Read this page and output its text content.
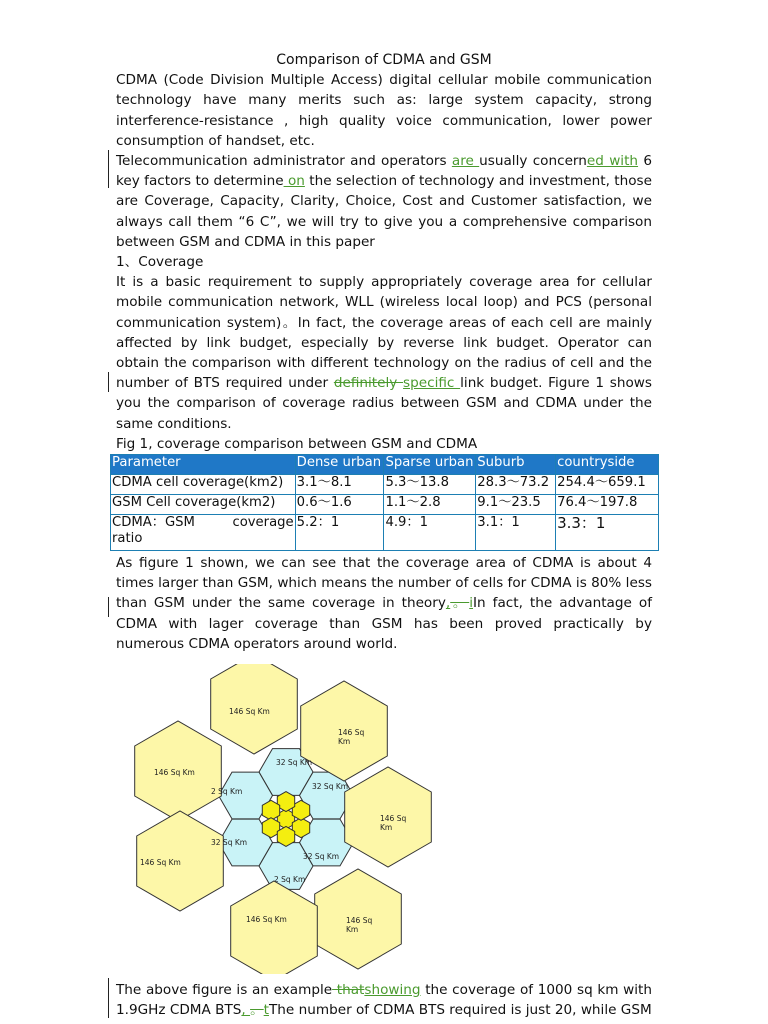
Comparison of CDMA and GSM

CDMA (Code Division Multiple Access) digital cellular mobile communication technology have many merits such as: large system capacity, strong interference-resistance , high quality voice communication, lower power consumption of handset, etc.

Telecommunication administrator and operators are usually concerned with 6 key factors to determine on the selection of technology and investment, those are Coverage, Capacity, Clarity, Choice, Cost and Customer satisfaction, we always call them “6 C”, we will try to give you a comprehensive comparison between GSM and CDMA in this paper

1、Coverage

It is a basic requirement to supply appropriately coverage area for cellular mobile communication network, WLL (wireless local loop) and PCS (personal communication system)。In fact, the coverage areas of each cell are mainly affected by link budget, especially by reverse link budget. Operator can obtain the comparison with different technology on the radius of cell and the number of BTS required under definitely specific link budget. Figure 1 shows you the comparison of coverage radius between GSM and CDMA under the same conditions.

Fig 1, coverage comparison between GSM and CDMA

Parameter	Dense urban	Sparse urban	Suburb	countryside
CDMA cell coverage(km2)	3.1～8.1	5.3～13.8	28.3～73.2	254.4～659.1
GSM Cell coverage(km2)	0.6～1.6	1.1～2.8	9.1～23.5	76.4～197.8

CDMA：GSM coverage
ratio	5.2：1	4.9：1	3.1：1	3.3：1

As figure 1 shown, we can see that the coverage area of CDMA is about 4 times larger than GSM, which means the number of cells for CDMA is 80% less than GSM under the same coverage in theory,。iIn fact, the advantage of CDMA with lager coverage than GSM has been proved practically by numerous CDMA operators around world.

146 Sq Km
146 Sq
Km
146 Sq Km
146 Sq
Km
146 Sq Km
146 Sq Km	146 Sq
Km
32 Sq Km
32 Sq Km
2 Sq Km
32 Sq Km
32 Sq Km
2 Sq Km

The above figure is an example thatshowing the coverage of 1000 sq km with 1.9GHz CDMA BTS, 。tThe number of CDMA BTS required is just 20, while GSM
